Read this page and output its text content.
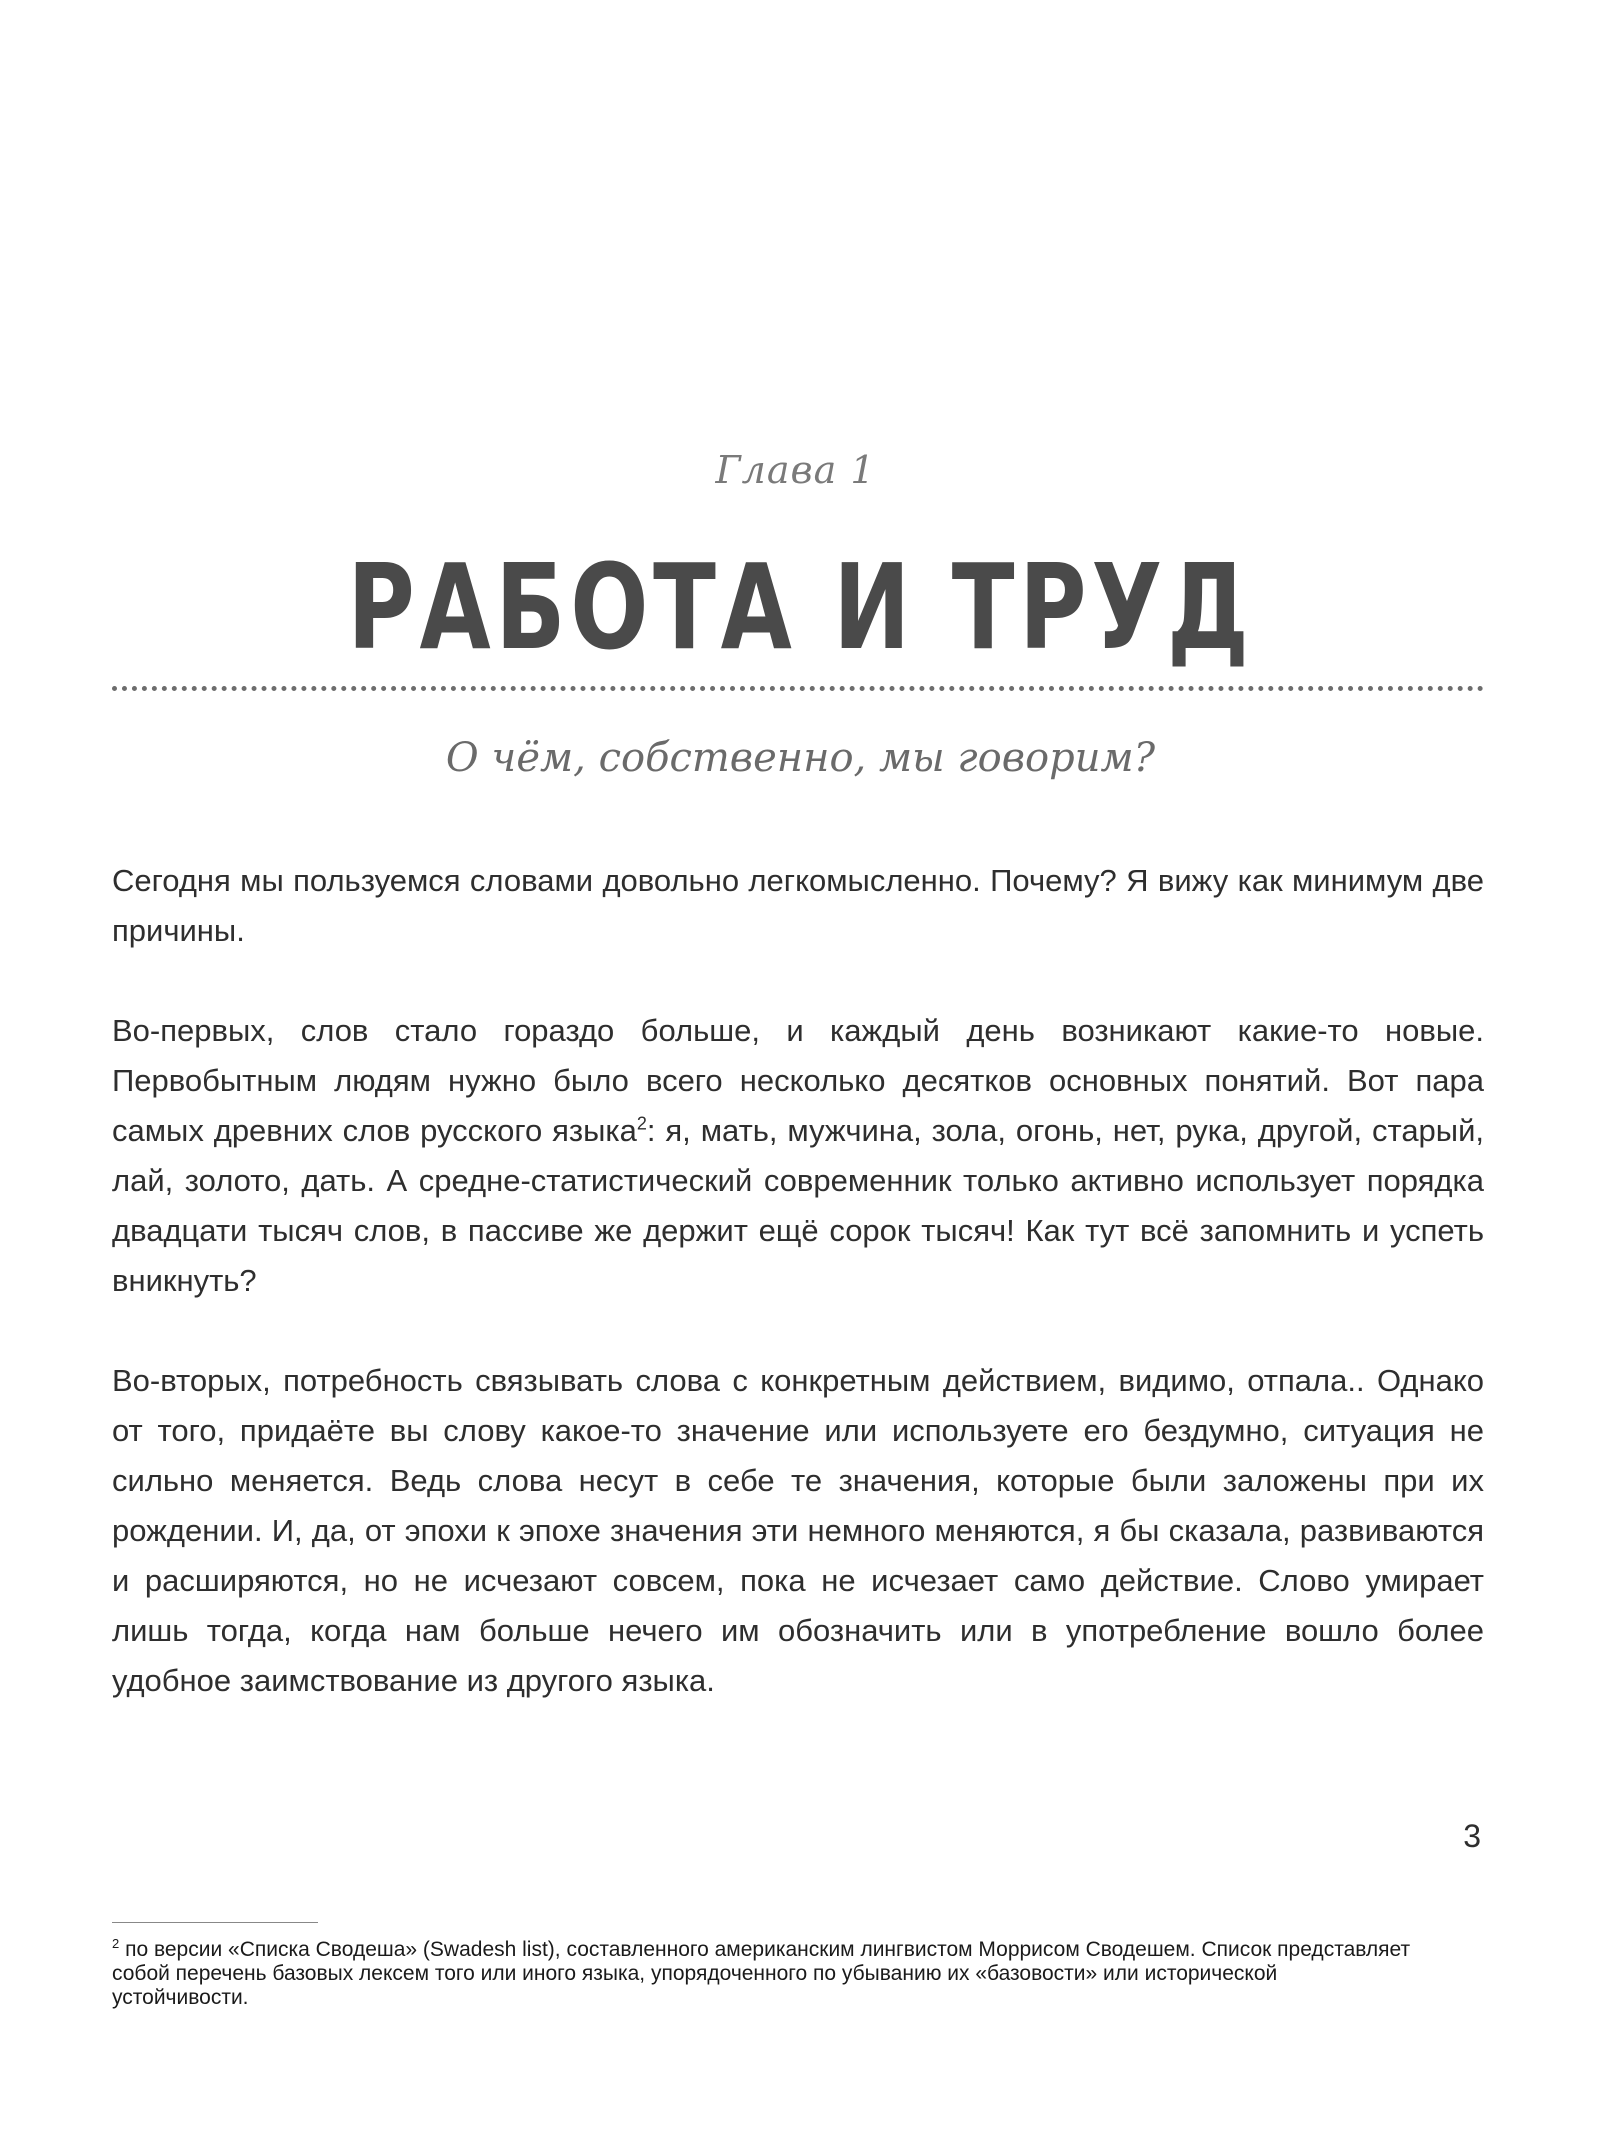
Глава 1
РАБОТА И ТРУД
О чём, собственно, мы говорим?

Сегодня мы пользуемся словами довольно легкомысленно. Почему? Я вижу как минимум две причины.

Во-первых, слов стало гораздо больше, и каждый день возникают какие-то новые. Первобытным людям нужно было всего несколько десятков основных понятий. Вот пара самых древних слов русского языка$^2$: я, мать, мужчина, зола, огонь, нет, рука, другой, старый, лай, золото, дать. А средне-статистический современник только активно использует порядка двадцати тысяч слов, в пассиве же держит ещё сорок тысяч! Как тут всё запомнить и успеть вникнуть?

Во-вторых, потребность связывать слова с конкретным действием, видимо, отпала.. Однако от того, придаёте вы слову какое-то значение или используете его бездумно, ситуация не сильно меняется. Ведь слова несут в себе те значения, которые были заложены при их рождении. И, да, от эпохи к эпохе значения эти немного меняются, я бы сказала, развиваются и расширяются, но не исчезают совсем, пока не исчезает само действие. Слово умирает лишь тогда, когда нам больше нечего им обозначить или в употребление вошло более удобное заимствование из другого языка.

3
$^2$ по версии «Списка Сводеша» (Swadesh list), составленного американским лингвистом Моррисом Сводешем. Список представляет собой перечень базовых лексем того или иного языка, упорядоченного по убыванию их «базовости» или исторической устойчивости.
